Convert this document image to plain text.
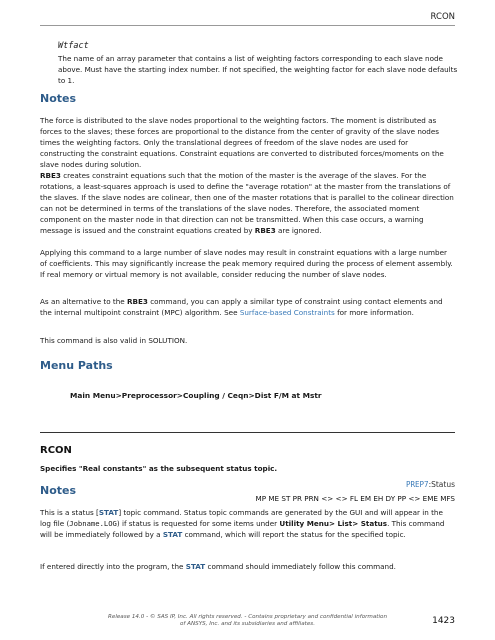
RCON
Wtfact

The name of an array parameter that contains a list of weighting factors corresponding to each slave node above. Must have the starting index number. If not specified, the weighting factor for each slave node defaults to 1.

Notes

The force is distributed to the slave nodes proportional to the weighting factors. The moment is distributed as forces to the slaves; these forces are proportional to the distance from the center of gravity of the slave nodes times the weighting factors. Only the translational degrees of freedom of the slave nodes are used for constructing the constraint equations. Constraint equations are converted to distributed forces/moments on the slave nodes during solution.

RBE3 creates constraint equations such that the motion of the master is the average of the slaves. For the rotations, a least-squares approach is used to define the "average rotation" at the master from the translations of the slaves. If the slave nodes are colinear, then one of the master rotations that is parallel to the colinear direction can not be determined in terms of the translations of the slave nodes. Therefore, the associated moment component on the master node in that direction can not be transmitted. When this case occurs, a warning message is issued and the constraint equations created by RBE3 are ignored.

Applying this command to a large number of slave nodes may result in constraint equations with a large number of coefficients. This may significantly increase the peak memory required during the process of element assembly. If real memory or virtual memory is not available, consider reducing the number of slave nodes.

As an alternative to the RBE3 command, you can apply a similar type of constraint using contact elements and the internal multipoint constraint (MPC) algorithm. See Surface-based Constraints for more information.

This command is also valid in SOLUTION.

Menu Paths
Main Menu>Preprocessor>Coupling / Ceqn>Dist F/M at Mstr
RCON

Specifies "Real constants" as the subsequent status topic.

PREP7:Status
MP ME ST PR PRN <> <> FL EM EH DY PP <> EME MFS
Notes

This is a status [STAT] topic command. Status topic commands are generated by the GUI and will appear in the log file (Jobname.LOG) if status is requested for some items under Utility Menu> List> Status. This command will be immediately followed by a STAT command, which will report the status for the specified topic.

If entered directly into the program, the STAT command should immediately follow this command.

Release 14.0 - © SAS IP, Inc. All rights reserved. - Contains proprietary and confidential information
of ANSYS, Inc. and its subsidiaries and affiliates.	1423
